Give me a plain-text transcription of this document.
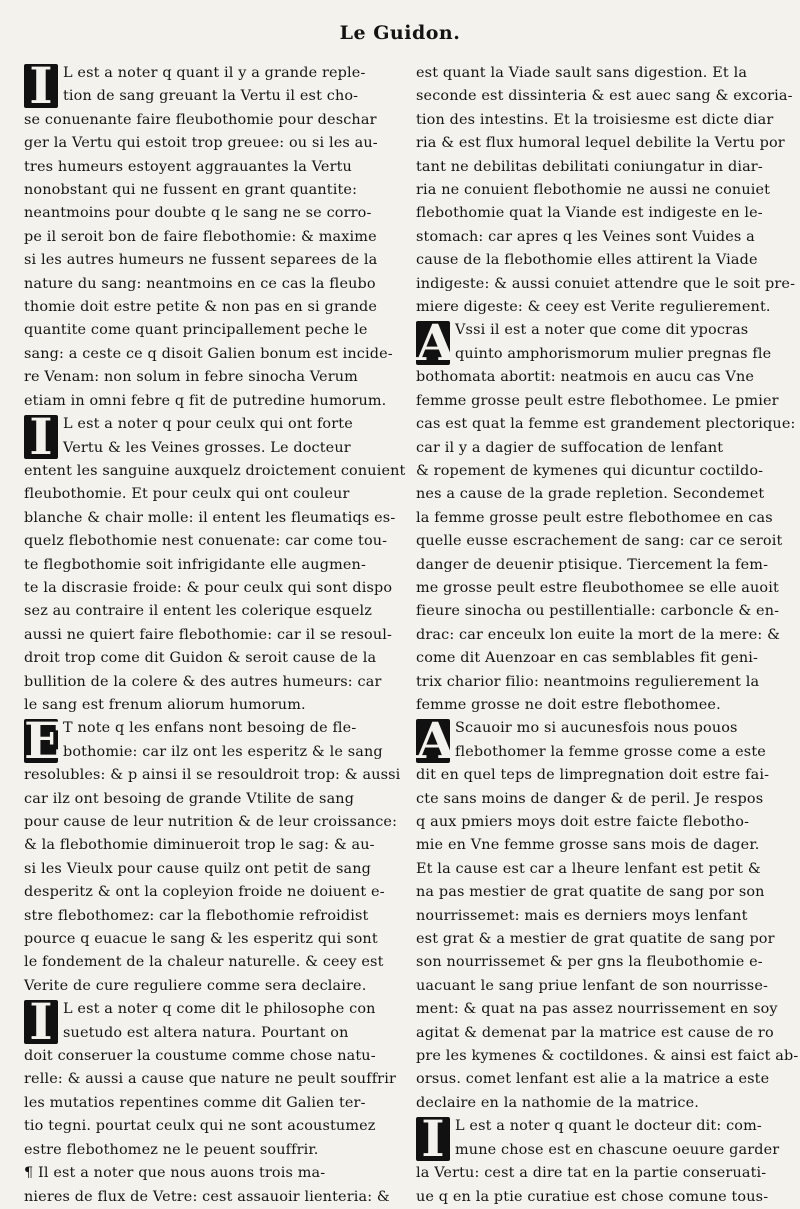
Le Guidon.
I L est a noter q quant il y a grande reple-
tion de sang greuant la Vertu il est cho-
se conuenante faire fleubothomie pour deschar
ger la Vertu qui estoit trop greuee: ou si les au-
tres humeurs estoyent aggrauantes la Vertu
nonobstant qui ne fussent en grant quantite:
neantmoins pour doubte q le sang ne se corro-
pe il seroit bon de faire flebothomie: & maxime
si les autres humeurs ne fussent separees de la
nature du sang: neantmoins en ce cas la fleubo
thomie doit estre petite & non pas en si grande
quantite come quant principallement peche le
sang: a ceste ce q disoit Galien bonum est incide-
re Venam: non solum in febre sinocha Verum
etiam in omni febre q fit de putredine humorum.
I L est a noter q pour ceulx qui ont forte
Vertu & les Veines grosses. Le docteur
entent les sanguine auxquelz droictement conuient
fleubothomie. Et pour ceulx qui ont couleur
blanche & chair molle: il entent les fleumatiqs es-
quelz flebothomie nest conuenate: car come tou-
te flegbothomie soit infrigidante elle augmen-
te la discrasie froide: & pour ceulx qui sont dispo
sez au contraire il entent les colerique esquelz
aussi ne quiert faire flebothomie: car il se resoul-
droit trop come dit Guidon & seroit cause de la
bullition de la colere & des autres humeurs: car
le sang est frenum aliorum humorum.
E T note q les enfans nont besoing de fle-
bothomie: car ilz ont les esperitz & le sang
resolubles: & p ainsi il se resouldroit trop: & aussi
car ilz ont besoing de grande Vtilite de sang
pour cause de leur nutrition & de leur croissance:
& la flebothomie diminueroit trop le sag: & au-
si les Vieulx pour cause quilz ont petit de sang
desperitz & ont la copleyion froide ne doiuent e-
stre flebothomez: car la flebothomie refroidist
pource q euacue le sang & les esperitz qui sont
le fondement de la chaleur naturelle. & ceey est
Verite de cure reguliere comme sera declaire.
I L est a noter q come dit le philosophe con
suetudo est altera natura. Pourtant on
doit conseruer la coustume comme chose natu-
relle: & aussi a cause que nature ne peult souffrir
les mutatios repentines comme dit Galien ter-
tio tegni. pourtat ceulx qui ne sont acoustumez
estre flebothomez ne le peuent souffrir.
¶ Il est a noter que nous auons trois ma-
nieres de flux de Vetre: cest assauoir lienteria: &
est quant la Viade sault sans digestion. Et la
seconde est dissinteria & est auec sang & excoria-
tion des intestins. Et la troisiesme est dicte diar
ria & est flux humoral lequel debilite la Vertu por
tant ne debilitas debilitati coniungatur in diar-
ria ne conuient flebothomie ne aussi ne conuiet
flebothomie quat la Viande est indigeste en le-
stomach: car apres q les Veines sont Vuides a
cause de la flebothomie elles attirent la Viade
indigeste: & aussi conuiet attendre que le soit pre-
miere digeste: & ceey est Verite regulierement.
A Vssi il est a noter que come dit ypocras
quinto amphorismorum mulier pregnas fle
bothomata abortit: neatmois en aucu cas Vne
femme grosse peult estre flebothomee. Le pmier
cas est quat la femme est grandement plectorique:
car il y a dagier de suffocation de lenfant
& ropement de kymenes qui dicuntur coctildo-
nes a cause de la grade repletion. Secondemet
la femme grosse peult estre flebothomee en cas
quelle eusse escrachement de sang: car ce seroit
danger de deuenir ptisique. Tiercement la fem-
me grosse peult estre fleubothomee se elle auoit
fieure sinocha ou pestillentialle: carboncle & en-
drac: car enceulx lon euite la mort de la mere: &
come dit Auenzoar en cas semblables fit geni-
trix charior filio: neantmoins regulierement la
femme grosse ne doit estre flebothomee.
A Scauoir mo si aucunesfois nous pouos
flebothomer la femme grosse come a este
dit en quel teps de limpregnation doit estre fai-
cte sans moins de danger & de peril. Je respos
q aux pmiers moys doit estre faicte flebotho-
mie en Vne femme grosse sans mois de dager.
Et la cause est car a lheure lenfant est petit &
na pas mestier de grat quatite de sang por son
nourrissemet: mais es derniers moys lenfant
est grat & a mestier de grat quatite de sang por
son nourrissemet & per gns la fleubothomie e-
uacuant le sang priue lenfant de son nourrisse-
ment: & quat na pas assez nourrissement en soy
agitat & demenat par la matrice est cause de ro
pre les kymenes & coctildones. & ainsi est faict ab-
orsus. comet lenfant est alie a la matrice a este
declaire en la nathomie de la matrice.
I L est a noter q quant le docteur dit: com-
mune chose est en chascune oeuure garder
la Vertu: cest a dire tat en la partie conseruati-
ue q en la ptie curatiue est chose comune tous-
